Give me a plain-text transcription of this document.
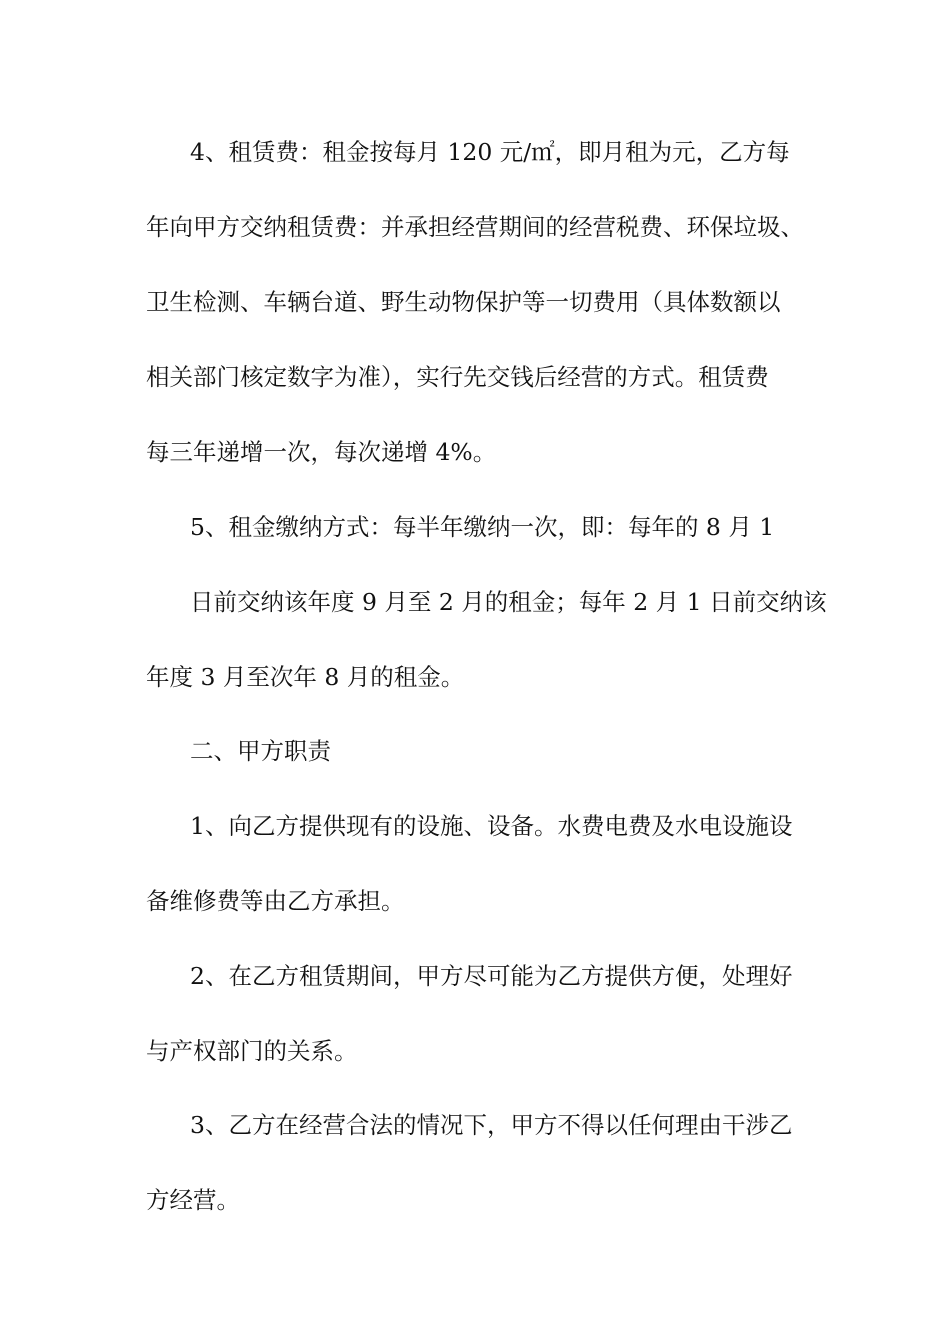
4、租赁费：租金按每月 120 元/㎡，即月租为元，乙方每
年向甲方交纳租赁费：并承担经营期间的经营税费、环保垃圾、
卫生检测、车辆台道、野生动物保护等一切费用（具体数额以
相关部门核定数字为准），实行先交钱后经营的方式。租赁费
每三年递增一次，每次递增 4%。
5、租金缴纳方式：每半年缴纳一次，即：每年的 8 月 1
日前交纳该年度 9 月至 2 月的租金；每年 2 月 1 日前交纳该
年度 3 月至次年 8 月的租金。
二、甲方职责
1、向乙方提供现有的设施、设备。水费电费及水电设施设
备维修费等由乙方承担。
2、在乙方租赁期间，甲方尽可能为乙方提供方便，处理好
与产权部门的关系。
3、乙方在经营合法的情况下，甲方不得以任何理由干涉乙
方经营。
